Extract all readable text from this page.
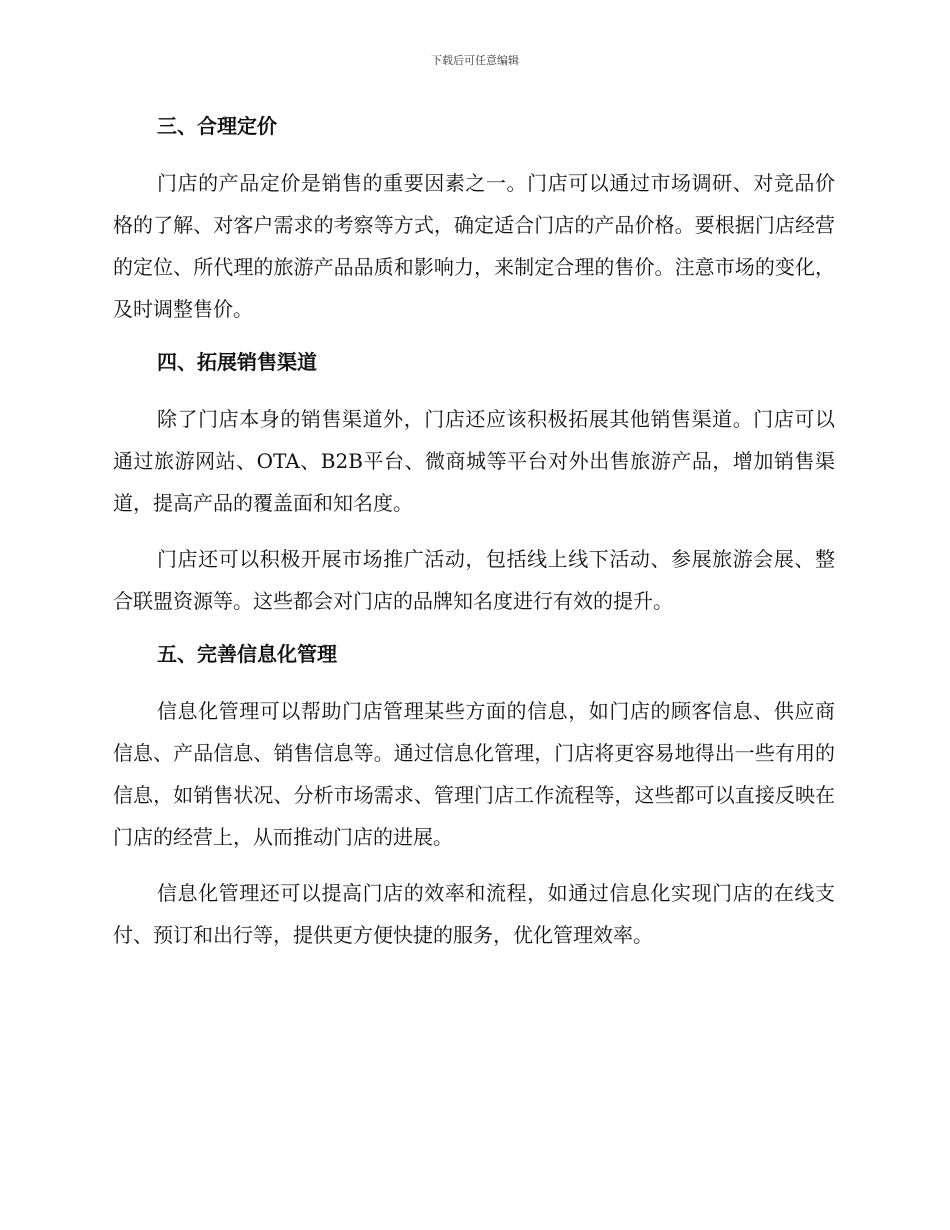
下载后可任意编辑
三、合理定价

门店的产品定价是销售的重要因素之一。门店可以通过市场调研、对竞品价格的了解、对客户需求的考察等方式，确定适合门店的产品价格。要根据门店经营的定位、所代理的旅游产品品质和影响力，来制定合理的售价。注意市场的变化，及时调整售价。

四、拓展销售渠道

除了门店本身的销售渠道外，门店还应该积极拓展其他销售渠道。门店可以通过旅游网站、OTA、B2B平台、微商城等平台对外出售旅游产品，增加销售渠道，提高产品的覆盖面和知名度。

门店还可以积极开展市场推广活动，包括线上线下活动、参展旅游会展、整合联盟资源等。这些都会对门店的品牌知名度进行有效的提升。

五、完善信息化管理

信息化管理可以帮助门店管理某些方面的信息，如门店的顾客信息、供应商信息、产品信息、销售信息等。通过信息化管理，门店将更容易地得出一些有用的信息，如销售状况、分析市场需求、管理门店工作流程等，这些都可以直接反映在门店的经营上，从而推动门店的进展。

信息化管理还可以提高门店的效率和流程，如通过信息化实现门店的在线支付、预订和出行等，提供更方便快捷的服务，优化管理效率。
